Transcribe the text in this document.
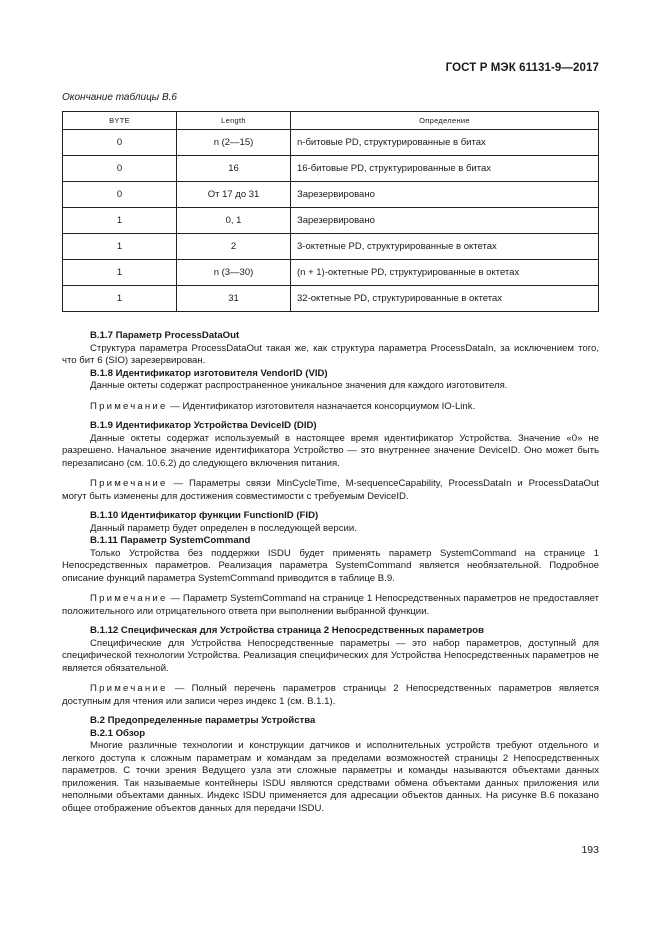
ГОСТ Р МЭК 61131-9—2017
Окончание таблицы В.6
BYTE	Length	Определение
0	n (2—15)	n-битовые PD, структурированные в битах
0	16	16-битовые PD, структурированные в битах
0	От 17 до 31	Зарезервировано
1	0, 1	Зарезервировано
1	2	3-октетные PD, структурированные в октетах
1	n (3—30)	(n + 1)-октетные PD, структурированные в октетах
1	31	32-октетные PD, структурированные в октетах

В.1.7 Параметр ProcessDataOut

Структура параметра ProcessDataOut такая же, как структура параметра ProcessDataIn, за исключением того, что бит 6 (SIO) зарезервирован.

В.1.8 Идентификатор изготовителя VendorID (VID)

Данные октеты содержат распространенное уникальное значения для каждого изготовителя.

Примечание — Идентификатор изготовителя назначается консорциумом IO-Link.

В.1.9 Идентификатор Устройства DeviceID (DID)

Данные октеты содержат используемый в настоящее время идентификатор Устройства. Значение «0» не разрешено. Начальное значение идентификатора Устройство — это внутреннее значение DeviceID. Оно может быть перезаписано (см. 10.6.2) до следующего включения питания.

Примечание — Параметры связи MinCycleTime, M-sequenceCapability, ProcessDataIn и ProcessDataOut могут быть изменены для достижения совместимости с требуемым DeviceID.

В.1.10 Идентификатор функции FunctionID (FID)

Данный параметр будет определен в последующей версии.

В.1.11 Параметр SystemCommand

Только Устройства без поддержки ISDU будет применять параметр SystemCommand на странице 1 Непосредственных параметров. Реализация параметра SystemCommand является необязательной. Подробное описание функций параметра SystemCommand приводится в таблице В.9.

Примечание — Параметр SystemCommand на странице 1 Непосредственных параметров не предоставляет положительного или отрицательного ответа при выполнении выбранной функции.

В.1.12 Специфическая для Устройства страница 2 Непосредственных параметров

Специфические для Устройства Непосредственные параметры — это набор параметров, доступный для специфической технологии Устройства. Реализация специфических для Устройства Непосредственных параметров не является обязательной.

Примечание — Полный перечень параметров страницы 2 Непосредственных параметров является доступным для чтения или записи через индекс 1 (см. В.1.1).

В.2 Предопределенные параметры Устройства

В.2.1 Обзор

Многие различные технологии и конструкции датчиков и исполнительных устройств требуют отдельного и легкого доступа к сложным параметрам и командам за пределами возможностей страницы 2 Непосредственных параметров. С точки зрения Ведущего узла эти сложные параметры и команды называются объектами данных приложения. Так называемые контейнеры ISDU являются средствами обмена объектами данных приложения или неполными объектами данных. Индекс ISDU применяется для адресации объектов данных. На рисунке В.6 показано общее отображение объектов данных для передачи ISDU.

193
